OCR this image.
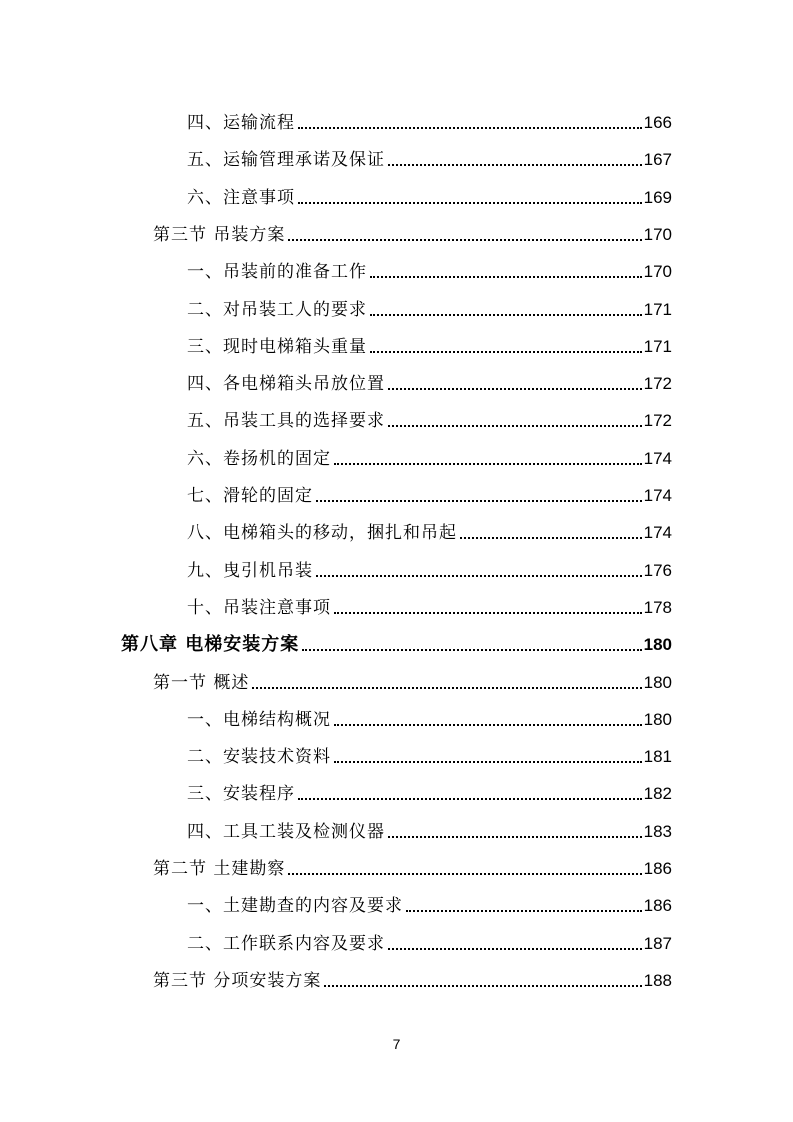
四、运输流程	166
五、运输管理承诺及保证	167
六、注意事项	169
第三节 吊装方案	170
一、吊装前的准备工作	170
二、对吊装工人的要求	171
三、现时电梯箱头重量	171
四、各电梯箱头吊放位置	172
五、吊装工具的选择要求	172
六、卷扬机的固定	174
七、滑轮的固定	174
八、电梯箱头的移动，捆扎和吊起	174
九、曳引机吊装	176
十、吊装注意事项	178
第八章 电梯安装方案	180
第一节 概述	180
一、电梯结构概况	180
二、安装技术资料	181
三、安装程序	182
四、工具工装及检测仪器	183
第二节 土建勘察	186
一、土建勘查的内容及要求	186
二、工作联系内容及要求	187
第三节 分项安装方案	188
7
